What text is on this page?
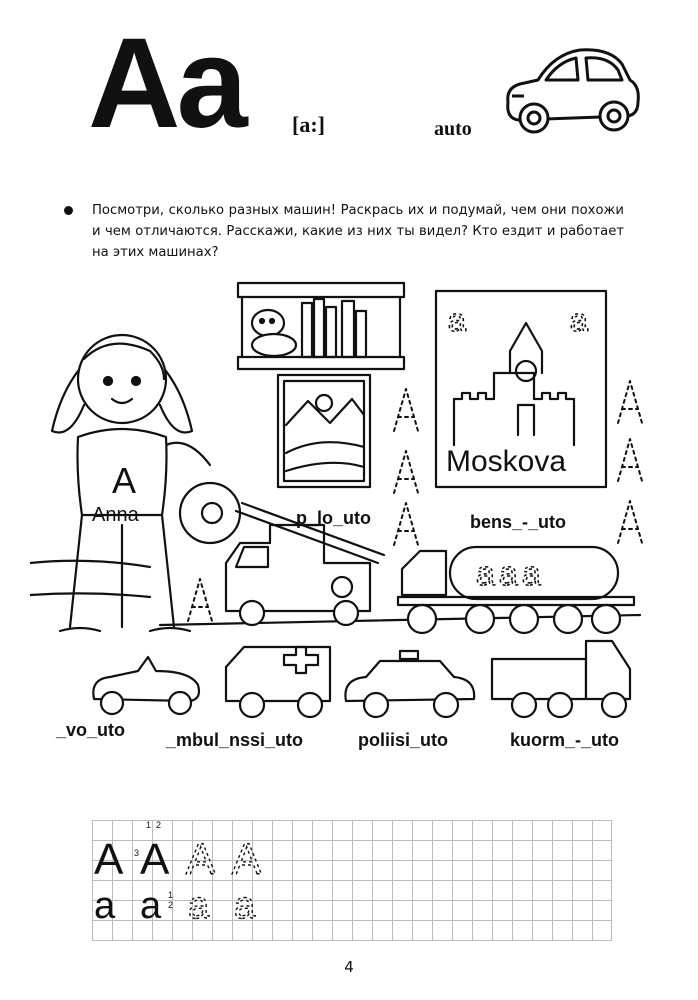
Aa [a:]	auto

Посмотри, сколько разных машин! Раскрась их и подумай, чем они похожи и чем отличаются. Расскажи, какие из них ты видел? Кто ездит и работает на этих машинах?

A
Anna
a	a
Moskova
aaa
p_lo_uto	bens_-_uto
_vo_uto _mbul_nssi_uto	poliisi_uto	kuorm_-_uto
A A A A
a a a a
1 2
3
1
2
4
